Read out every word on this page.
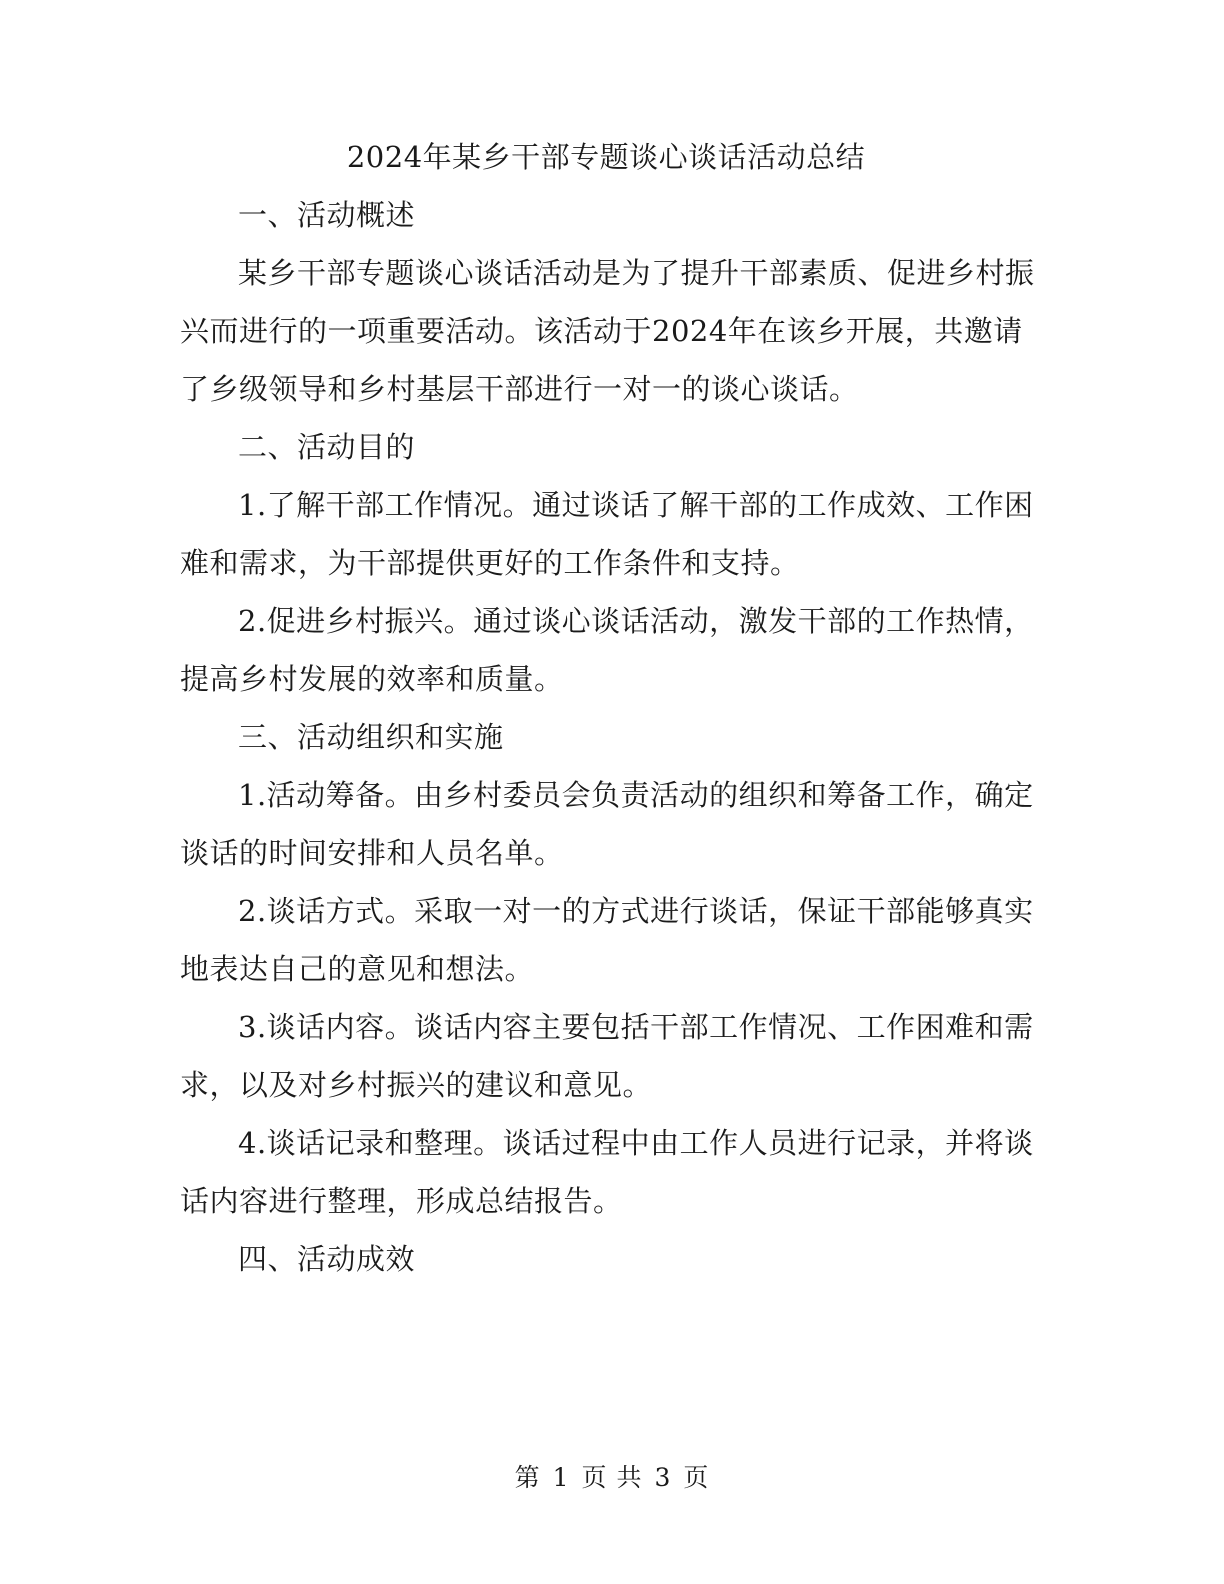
2024年某乡干部专题谈心谈话活动总结

一、活动概述

某乡干部专题谈心谈话活动是为了提升干部素质、促进乡村振兴而进行的一项重要活动。该活动于2024年在该乡开展，共邀请了乡级领导和乡村基层干部进行一对一的谈心谈话。

二、活动目的

1.了解干部工作情况。通过谈话了解干部的工作成效、工作困难和需求，为干部提供更好的工作条件和支持。

2.促进乡村振兴。通过谈心谈话活动，激发干部的工作热情，提高乡村发展的效率和质量。

三、活动组织和实施

1.活动筹备。由乡村委员会负责活动的组织和筹备工作，确定谈话的时间安排和人员名单。

2.谈话方式。采取一对一的方式进行谈话，保证干部能够真实地表达自己的意见和想法。

3.谈话内容。谈话内容主要包括干部工作情况、工作困难和需求，以及对乡村振兴的建议和意见。

4.谈话记录和整理。谈话过程中由工作人员进行记录，并将谈话内容进行整理，形成总结报告。

四、活动成效

第 1 页 共 3 页
